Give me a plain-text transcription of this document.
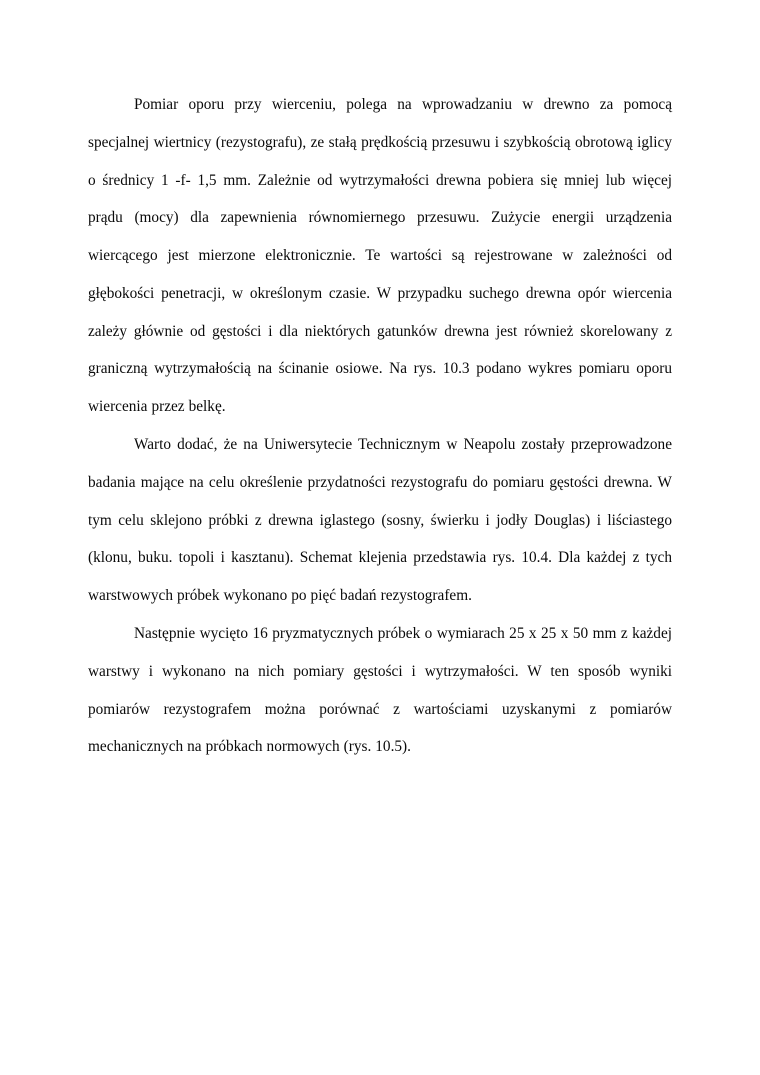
Pomiar oporu przy wierceniu, polega na wprowadzaniu w drewno za pomocą specjalnej wiertnicy (rezystografu), ze stałą prędkością przesuwu i szybkością obrotową iglicy o średnicy 1 -f- 1,5 mm. Zależnie od wytrzymałości drewna pobiera się mniej lub więcej prądu (mocy) dla zapewnienia równomiernego przesuwu. Zużycie energii urządzenia wiercącego jest mierzone elektronicznie. Te wartości są rejestrowane w zależności od głębokości penetracji, w określonym czasie. W przypadku suchego drewna opór wiercenia zależy głównie od gęstości i dla niektórych gatunków drewna jest również skorelowany z graniczną wytrzymałością na ścinanie osiowe. Na rys. 10.3 podano wykres pomiaru oporu wiercenia przez belkę.

Warto dodać, że na Uniwersytecie Technicznym w Neapolu zostały przeprowadzone badania mające na celu określenie przydatności rezystografu do pomiaru gęstości drewna. W tym celu sklejono próbki z drewna iglastego (sosny, świerku i jodły Douglas) i liściastego (klonu, buku. topoli i kasztanu). Schemat klejenia przedstawia rys. 10.4. Dla każdej z tych warstwowych próbek wykonano po pięć badań rezystografem.

Następnie wycięto 16 pryzmatycznych próbek o wymiarach 25 x 25 x 50 mm z każdej warstwy i wykonano na nich pomiary gęstości i wytrzymałości. W ten sposób wyniki pomiarów rezystografem można porównać z wartościami uzyskanymi z pomiarów mechanicznych na próbkach normowych (rys. 10.5).
